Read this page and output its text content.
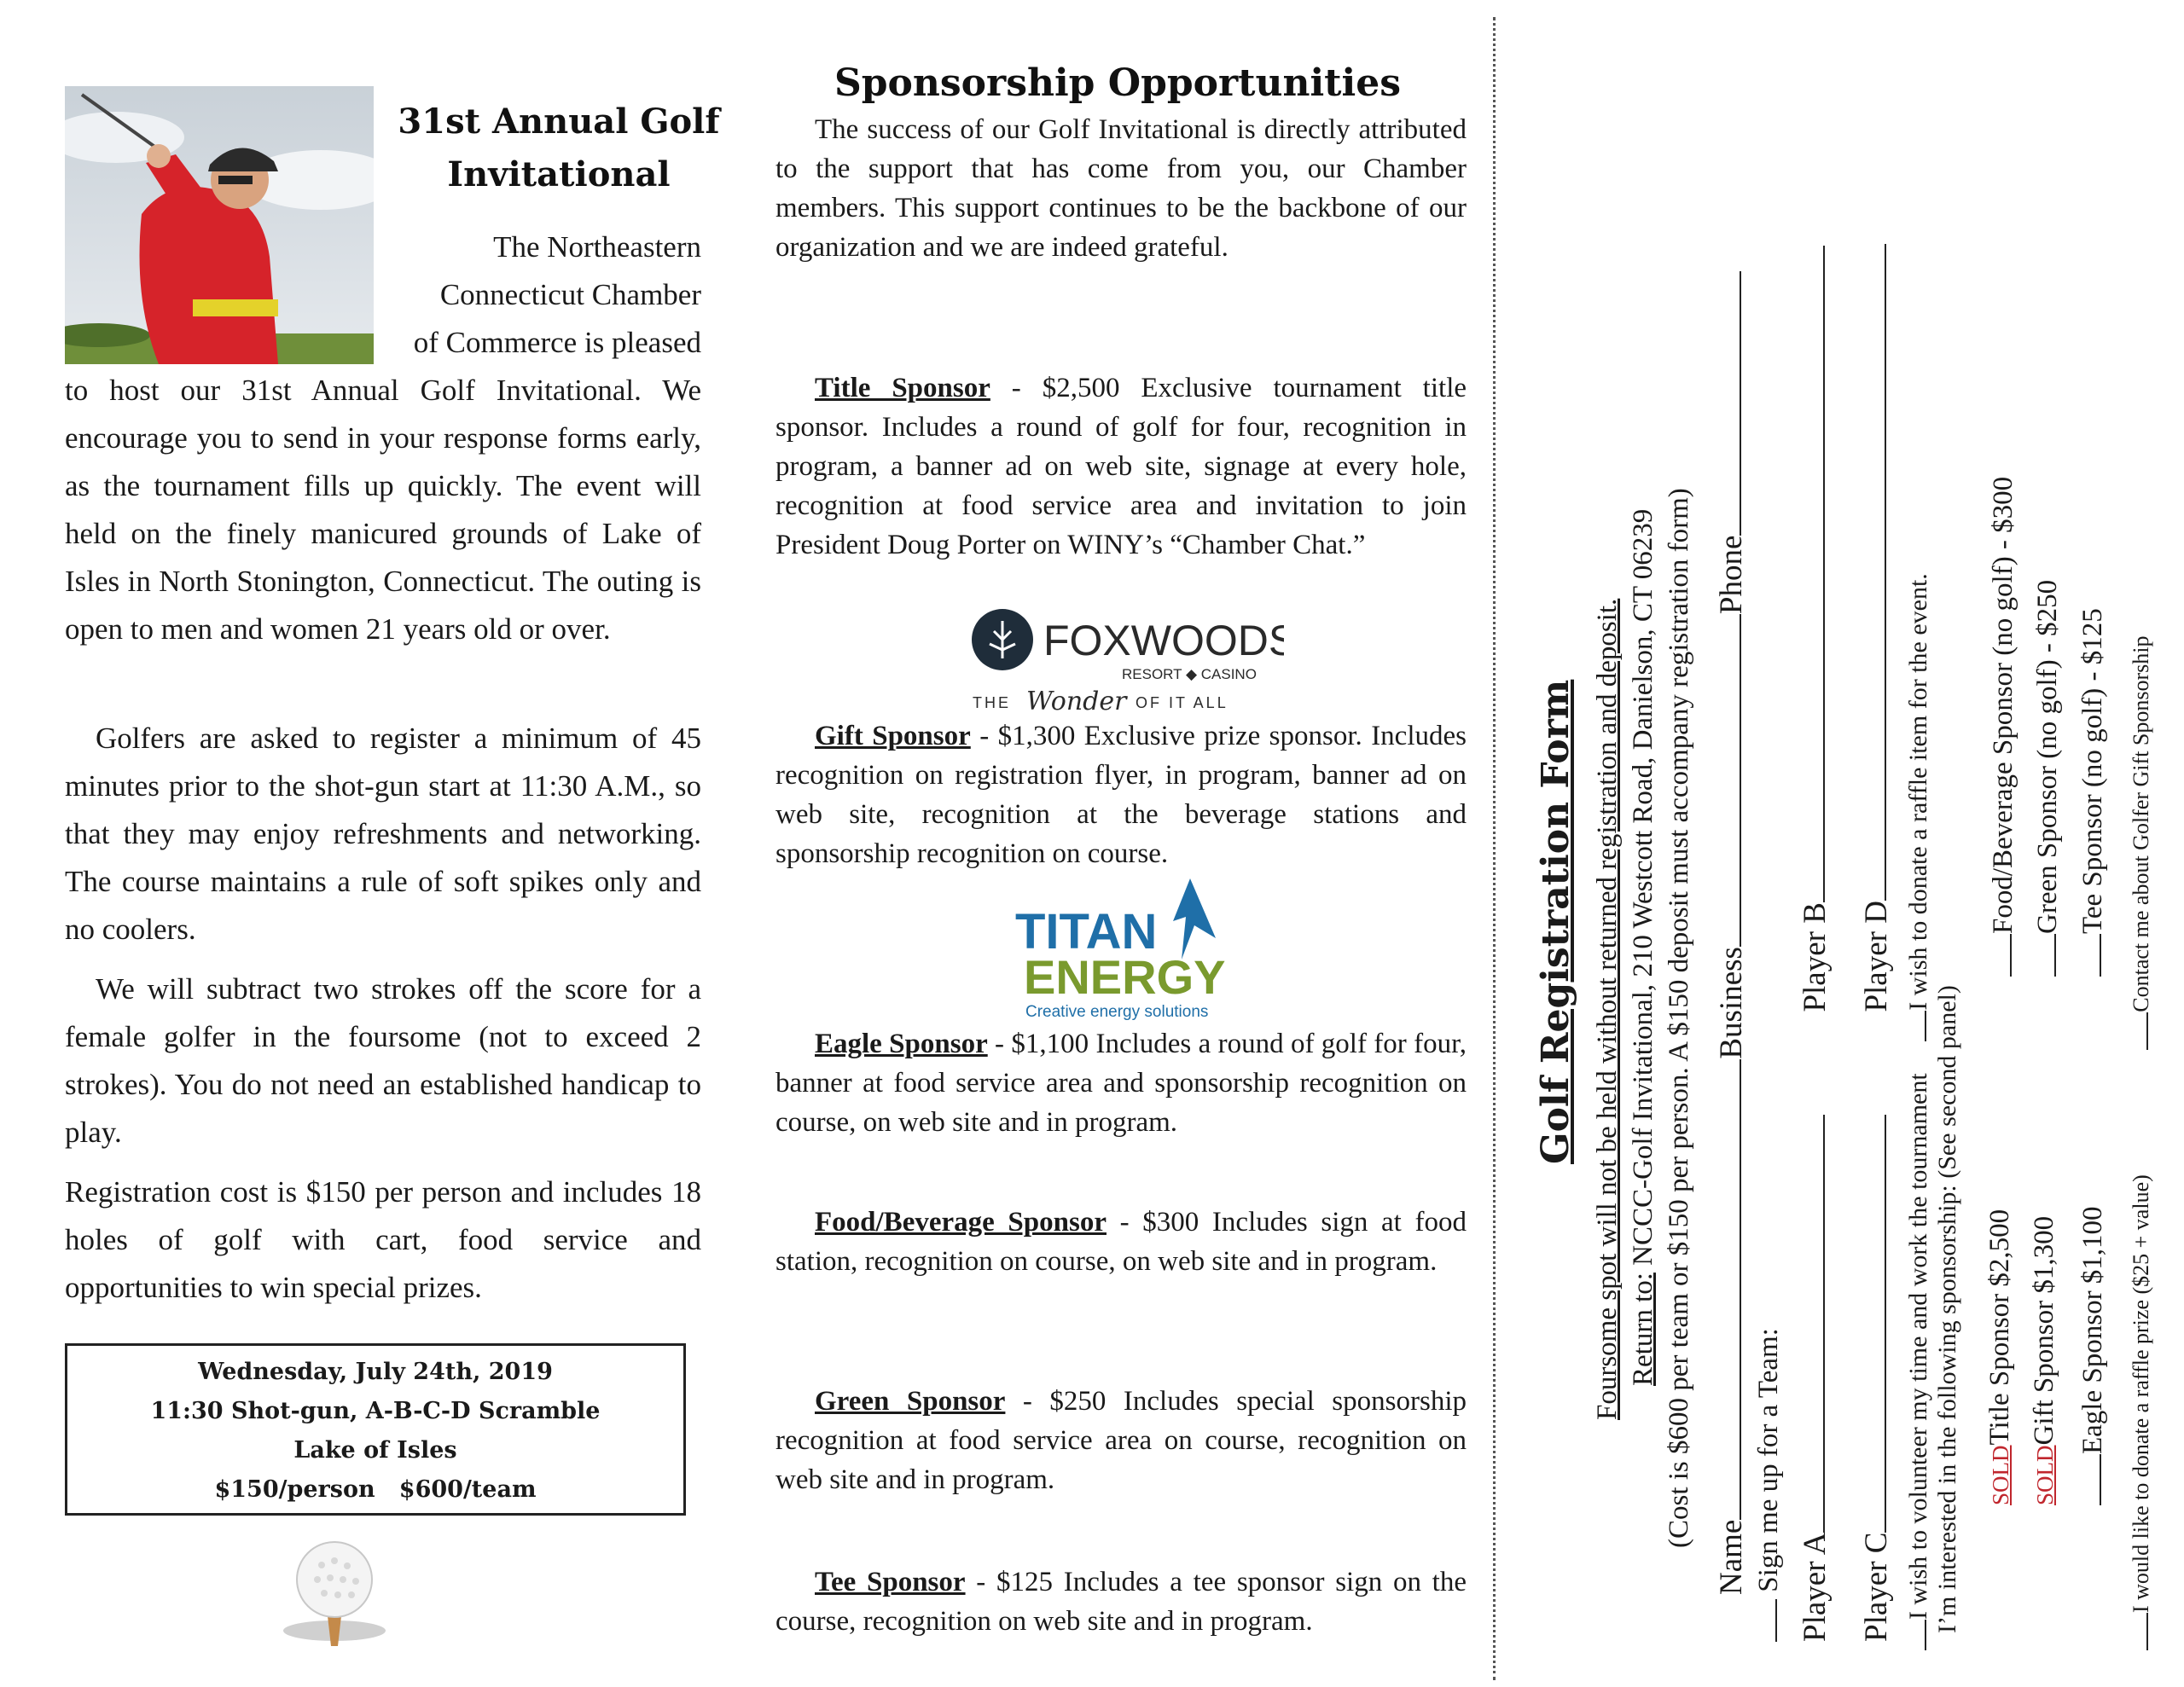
31st Annual Golf
Invitational
The Northeastern
Connecticut Chamber
of Commerce is pleased
to host our 31st Annual Golf Invitational. We encourage you to send in your response forms early, as the tournament fills up quickly. The event will held on the finely manicured grounds of Lake of Isles in North Stonington, Connecticut. The outing is open to men and women 21 years old or over.
Golfers are asked to register a minimum of 45 minutes prior to the shot-gun start at 11:30 A.M., so that they may enjoy refreshments and networking. The course maintains a rule of soft spikes only and no coolers.
We will subtract two strokes off the score for a female golfer in the foursome (not to exceed 2 strokes). You do not need an established handicap to play.
Registration cost is $150 per person and includes 18 holes of golf with cart, food service and opportunities to win special prizes.
Wednesday, July 24th, 2019
11:30 Shot-gun, A-B-C-D Scramble
Lake of Isles
$150/person   $600/team
Sponsorship Opportunities
The success of our Golf Invitational is directly attributed to the support that has come from you, our Chamber members. This support continues to be the backbone of our organization and we are indeed grateful.
Title Sponsor - $2,500 Exclusive tournament title sponsor. Includes a round of golf for four, recognition in program, a banner ad on web site, signage at every hole, recognition at food service area and invitation to join President Doug Porter on WINY’s “Chamber Chat.”
FOXWOODS
RESORT ◆ CASINO
THE Wonder OF IT ALL
Gift Sponsor - $1,300 Exclusive prize sponsor. Includes recognition on registration flyer, in program, banner ad on web site, recognition at the beverage stations and sponsorship recognition on course.
TITAN
ENERGY
Creative energy solutions
Eagle Sponsor - $1,100 Includes a round of golf for four, banner at food service area and sponsorship recognition on course, on web site and in program.
Food/Beverage Sponsor - $300 Includes sign at food station, recognition on course, on web site and in program.
Green Sponsor - $250 Includes special sponsorship recognition at food service area on course, recognition on web site and in program.
Tee Sponsor - $125 Includes a tee sponsor sign on the course, recognition on web site and in program.
Golf Registration Form Foursome spot will not be held without returned registration and deposit. Return to: NCCC-Golf Invitational, 210 Westcott Road, Danielson, CT 06239 (Cost is $600 per team or $150 per person. A $150 deposit must accompany registration form)
NameBusinessPhone
Sign me up for a Team: Player APlayer B
Player CPlayer D
I wish to volunteer my time and work the tournament I wish to donate a raffle item for the event.
I’m interested in the following sponsorship: (See second panel) SOLDTitle Sponsor $2,500
SOLDGift Sponsor $1,300 Eagle Sponsor $1,100
Food/Beverage Sponsor (no golf) - $300 Green Sponsor (no golf) - $250 Tee Sponsor (no golf) - $125
I would like to donate a raffle prize ($25 + value) Contact me about Golfer Gift Sponsorship
